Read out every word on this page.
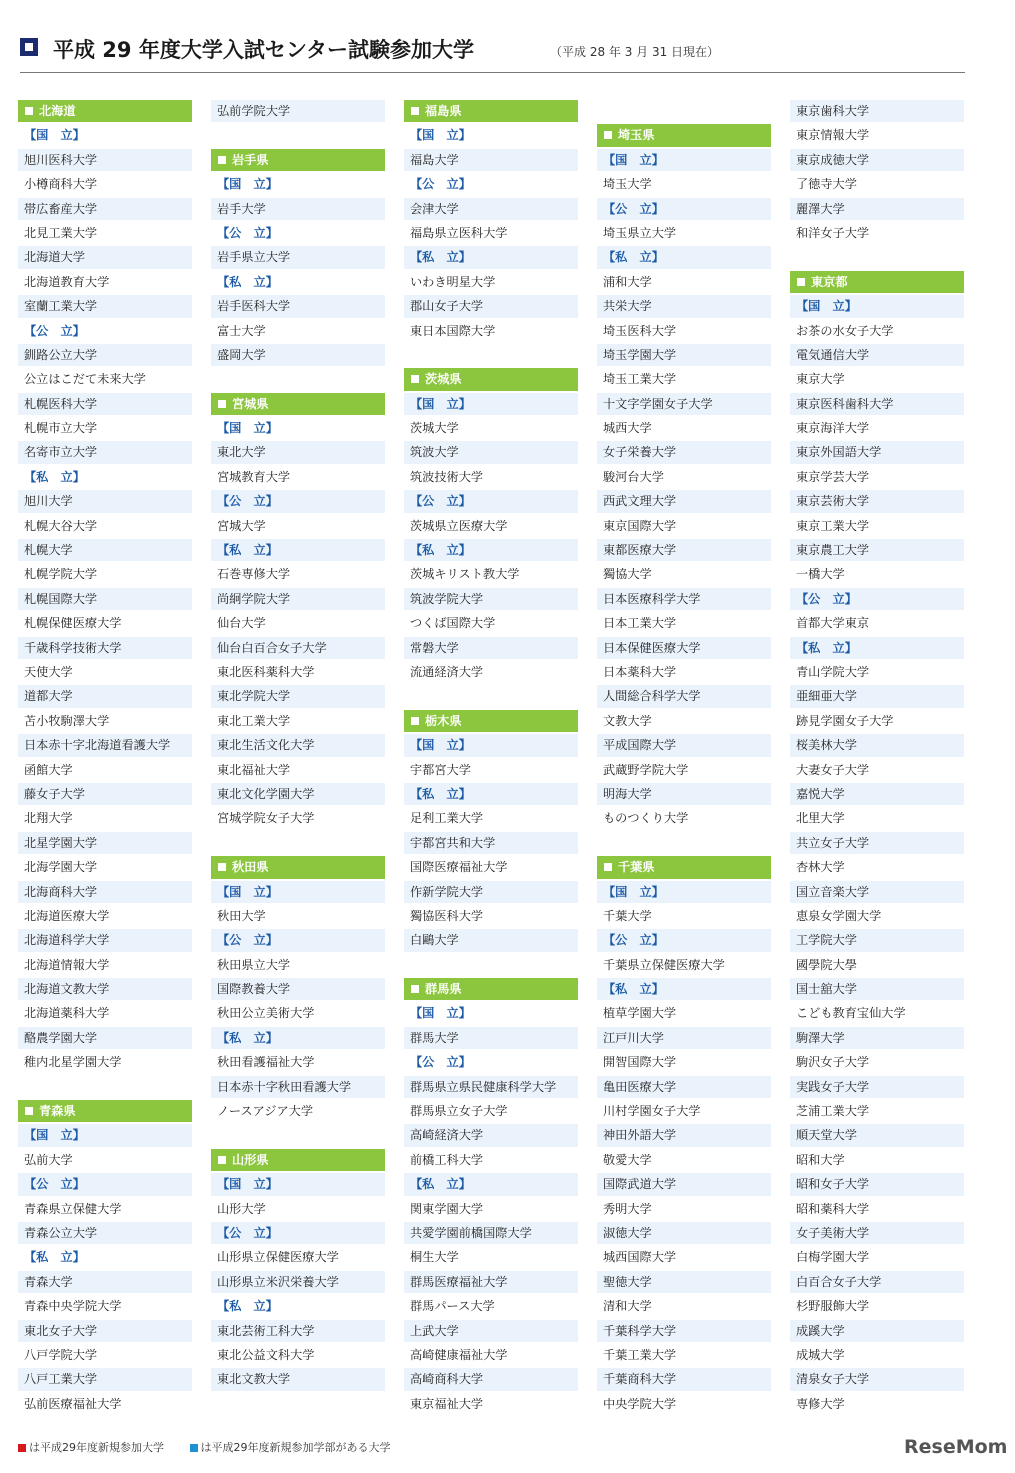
平成 29 年度大学入試センター試験参加大学	（平成 28 年 3 月 31 日現在）
北海道
【国　立】
旭川医科大学
小樽商科大学
帯広畜産大学
北見工業大学
北海道大学
北海道教育大学
室蘭工業大学
【公　立】
釧路公立大学
公立はこだて未来大学
札幌医科大学
札幌市立大学
名寄市立大学
【私　立】
旭川大学
札幌大谷大学
札幌大学
札幌学院大学
札幌国際大学
札幌保健医療大学
千歳科学技術大学
天使大学
道都大学
苫小牧駒澤大学
日本赤十字北海道看護大学
函館大学
藤女子大学
北翔大学
北星学園大学
北海学園大学
北海商科大学
北海道医療大学
北海道科学大学
北海道情報大学
北海道文教大学
北海道薬科大学
酪農学園大学
稚内北星学園大学
青森県
【国　立】
弘前大学
【公　立】
青森県立保健大学
青森公立大学
【私　立】
青森大学
青森中央学院大学
東北女子大学
八戸学院大学
八戸工業大学
弘前医療福祉大学
弘前学院大学
岩手県
【国　立】
岩手大学
【公　立】
岩手県立大学
【私　立】
岩手医科大学
富士大学
盛岡大学
宮城県
【国　立】
東北大学
宮城教育大学
【公　立】
宮城大学
【私　立】
石巻専修大学
尚絅学院大学
仙台大学
仙台白百合女子大学
東北医科薬科大学
東北学院大学
東北工業大学
東北生活文化大学
東北福祉大学
東北文化学園大学
宮城学院女子大学
秋田県
【国　立】
秋田大学
【公　立】
秋田県立大学
国際教養大学
秋田公立美術大学
【私　立】
秋田看護福祉大学
日本赤十字秋田看護大学
ノースアジア大学
山形県
【国　立】
山形大学
【公　立】
山形県立保健医療大学
山形県立米沢栄養大学
【私　立】
東北芸術工科大学
東北公益文科大学
東北文教大学
福島県
【国　立】
福島大学
【公　立】
会津大学
福島県立医科大学
【私　立】
いわき明星大学
郡山女子大学
東日本国際大学
茨城県
【国　立】
茨城大学
筑波大学
筑波技術大学
【公　立】
茨城県立医療大学
【私　立】
茨城キリスト教大学
筑波学院大学
つくば国際大学
常磐大学
流通経済大学
栃木県
【国　立】
宇都宮大学
【私　立】
足利工業大学
宇都宮共和大学
国際医療福祉大学
作新学院大学
獨協医科大学
白鷗大学
群馬県
【国　立】
群馬大学
【公　立】
群馬県立県民健康科学大学
群馬県立女子大学
高崎経済大学
前橋工科大学
【私　立】
関東学園大学
共愛学園前橋国際大学
桐生大学
群馬医療福祉大学
群馬パース大学
上武大学
高崎健康福祉大学
高崎商科大学
東京福祉大学
埼玉県
【国　立】
埼玉大学
【公　立】
埼玉県立大学
【私　立】
浦和大学
共栄大学
埼玉医科大学
埼玉学園大学
埼玉工業大学
十文字学園女子大学
城西大学
女子栄養大学
駿河台大学
西武文理大学
東京国際大学
東都医療大学
獨協大学
日本医療科学大学
日本工業大学
日本保健医療大学
日本薬科大学
人間総合科学大学
文教大学
平成国際大学
武蔵野学院大学
明海大学
ものつくり大学
千葉県
【国　立】
千葉大学
【公　立】
千葉県立保健医療大学
【私　立】
植草学園大学
江戸川大学
開智国際大学
亀田医療大学
川村学園女子大学
神田外語大学
敬愛大学
国際武道大学
秀明大学
淑徳大学
城西国際大学
聖徳大学
清和大学
千葉科学大学
千葉工業大学
千葉商科大学
中央学院大学
東京歯科大学
東京情報大学
東京成徳大学
了徳寺大学
麗澤大学
和洋女子大学
東京都
【国　立】
お茶の水女子大学
電気通信大学
東京大学
東京医科歯科大学
東京海洋大学
東京外国語大学
東京学芸大学
東京芸術大学
東京工業大学
東京農工大学
一橋大学
【公　立】
首都大学東京
【私　立】
青山学院大学
亜細亜大学
跡見学園女子大学
桜美林大学
大妻女子大学
嘉悦大学
北里大学
共立女子大学
杏林大学
国立音楽大学
恵泉女学園大学
工学院大学
國學院大學
国士舘大学
こども教育宝仙大学
駒澤大学
駒沢女子大学
実践女子大学
芝浦工業大学
順天堂大学
昭和大学
昭和女子大学
昭和薬科大学
女子美術大学
白梅学園大学
白百合女子大学
杉野服飾大学
成蹊大学
成城大学
清泉女子大学
専修大学
は平成29年度新規参加大学	は平成29年度新規参加学部がある大学	ReseMom
